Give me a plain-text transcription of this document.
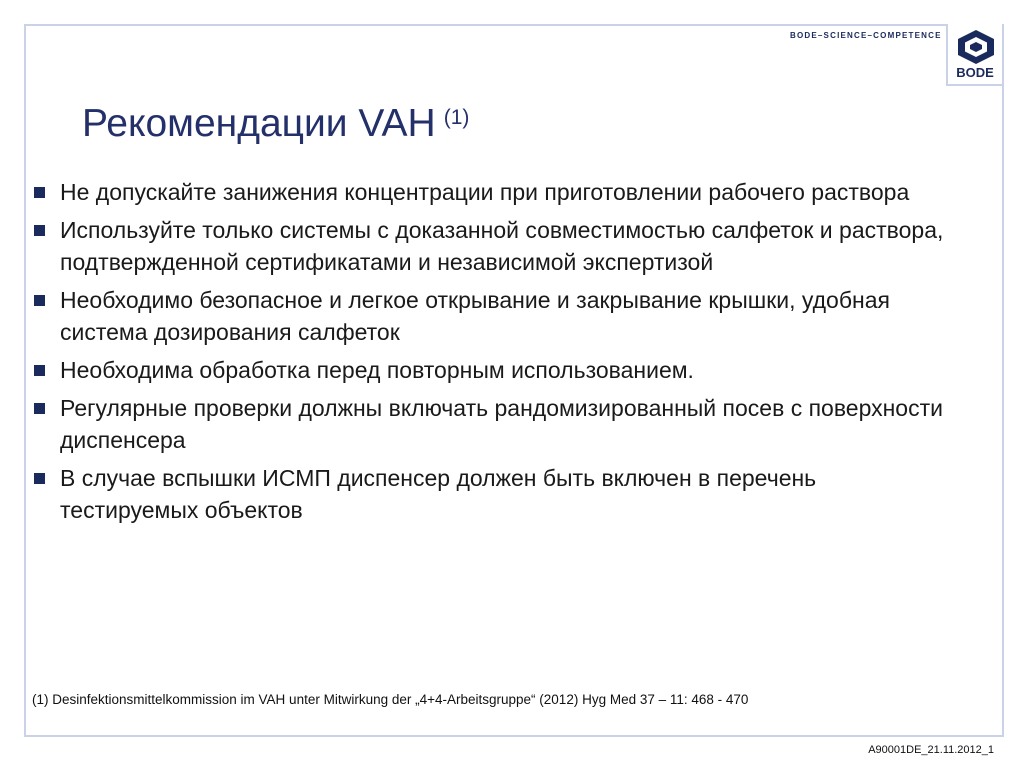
BODE–SCIENCE–COMPETENCE
BODE
Рекомендации VAH $^{(1)}$
Не допускайте занижения концентрации при приготовлении рабочего раствора
Используйте только системы с доказанной совместимостью салфеток и раствора, подтвержденной сертификатами и независимой экспертизой
Необходимо безопасное и легкое открывание и закрывание крышки, удобная система дозирования салфеток
Необходима обработка перед повторным использованием.
Регулярные проверки должны включать рандомизированный посев с поверхности диспенсера
В случае вспышки ИСМП диспенсер должен быть включен в перечень тестируемых объектов
(1) Desinfektionsmittelkommission im VAH unter Mitwirkung der „4+4-Arbeitsgruppe“ (2012) Hyg Med 37 – 11: 468 - 470
A90001DE_21.11.2012_1
